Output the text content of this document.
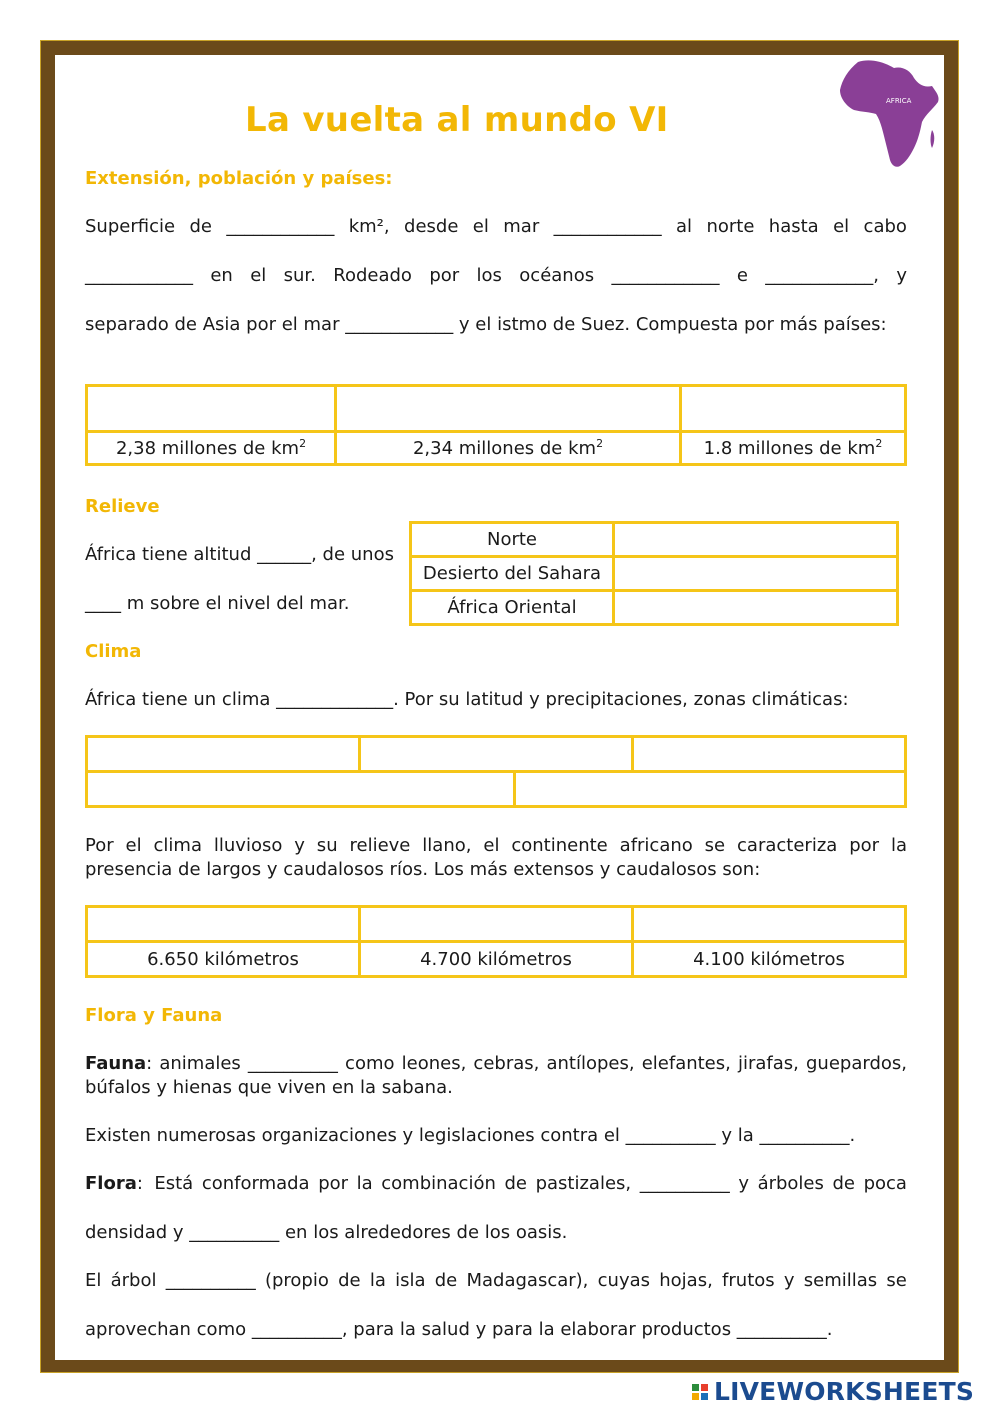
AFRICA
La vuelta al mundo VI
Extensión, población y países:
Superficie de ____________ km², desde el mar ____________ al norte hasta el cabo
____________ en el sur. Rodeado por los océanos ____________ e ____________, y
separado de Asia por el mar ____________ y el istmo de Suez. Compuesta por más países:

2,38 millones de $km^2$	2,34 millones de $km^2$	1.8 millones de $km^2$
Relieve
África tiene altitud ______, de unos
____ m sobre el nivel del mar.
Norte	
Desierto del Sahara	
África Oriental	
Clima
África tiene un clima _____________. Por su latitud y precipitaciones, zonas climáticas:

Por el clima lluvioso y su relieve llano, el continente africano se caracteriza por la presencia de largos y caudalosos ríos. Los más extensos y caudalosos son:

6.650 kilómetros	4.700 kilómetros	4.100 kilómetros
Flora y Fauna
Fauna: animales __________ como leones, cebras, antílopes, elefantes, jirafas, guepardos, búfalos y hienas que viven en la sabana.
Existen numerosas organizaciones y legislaciones contra el __________ y la __________.
Flora : Está conformada por la combinación de pastizales, __________ y árboles de poca
densidad y __________ en los alrededores de los oasis.
El árbol __________ (propio de la isla de Madagascar), cuyas hojas, frutos y semillas se
aprovechan como __________, para la salud y para la elaborar productos __________.
LIVEWORKSHEETS
